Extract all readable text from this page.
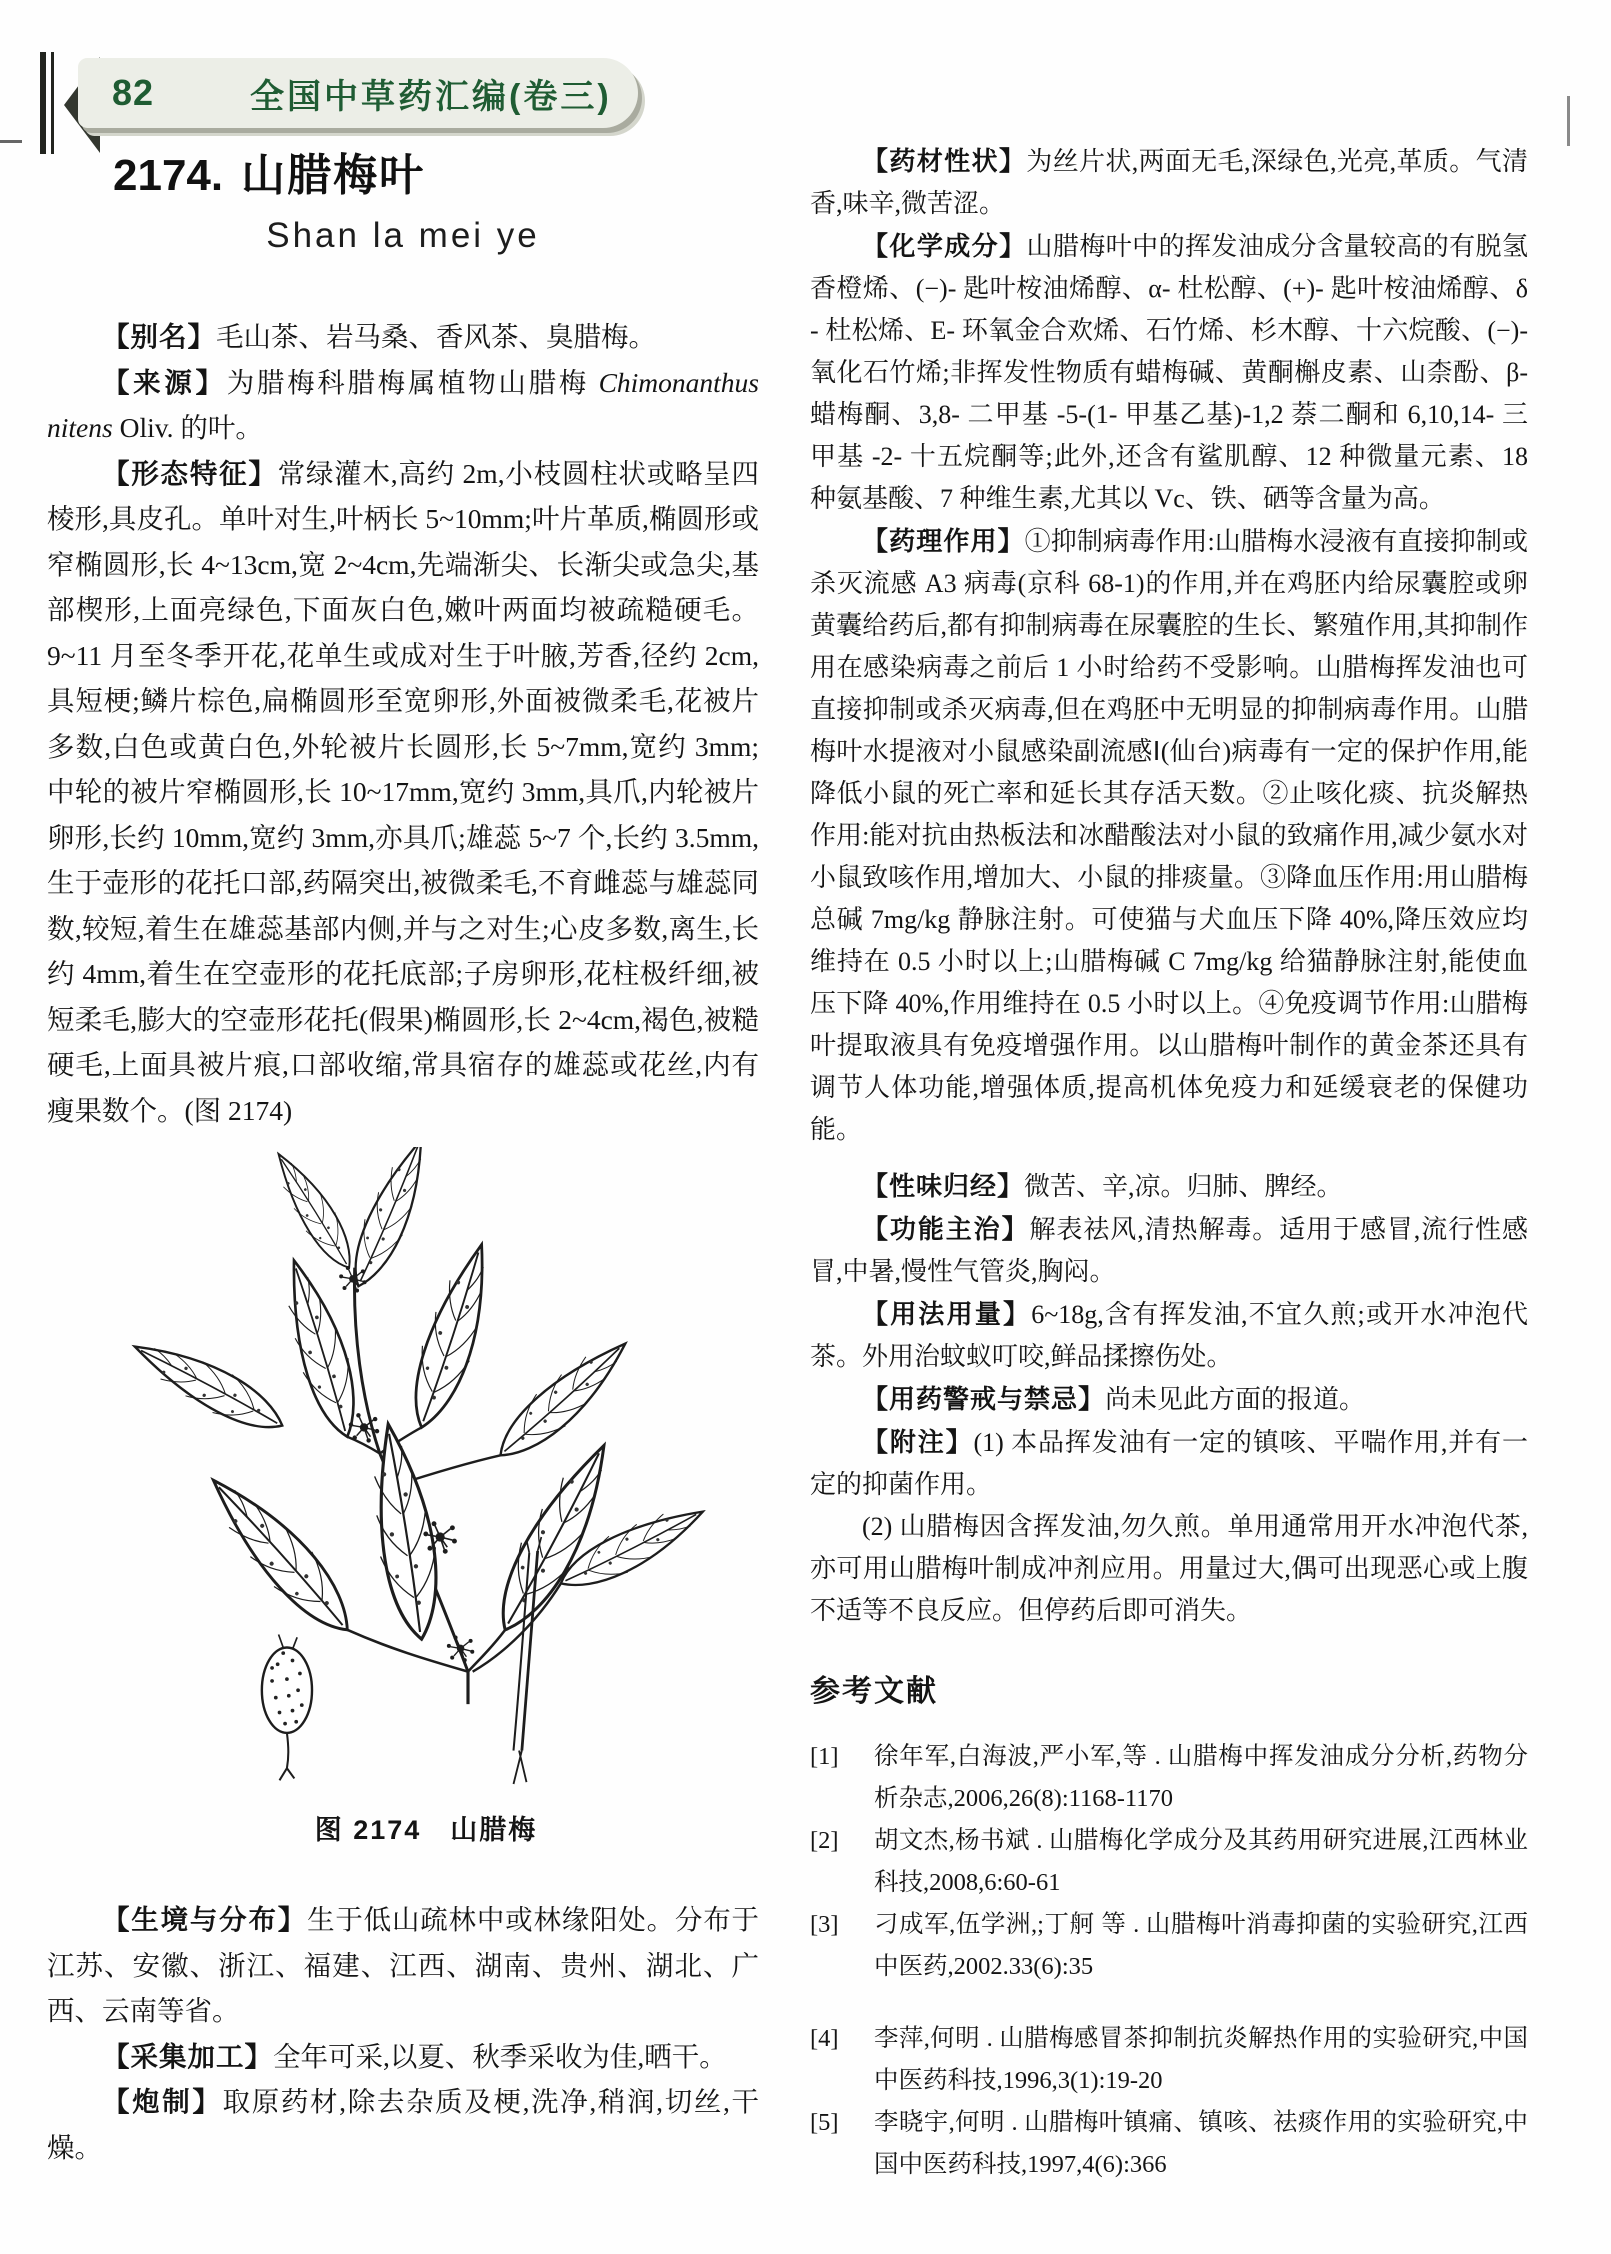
82	全国中草药汇编(卷三)
2174. 山腊梅叶
Shan la mei ye

【别名】毛山茶、岩马桑、香风茶、臭腊梅。

【来源】为腊梅科腊梅属植物山腊梅 Chimonanthus nitens Oliv. 的叶。

【形态特征】常绿灌木,高约 2m,小枝圆柱状或略呈四棱形,具皮孔。单叶对生,叶柄长 5~10mm;叶片革质,椭圆形或窄椭圆形,长 4~13cm,宽 2~4cm,先端渐尖、长渐尖或急尖,基部楔形,上面亮绿色,下面灰白色,嫩叶两面均被疏糙硬毛。9~11 月至冬季开花,花单生或成对生于叶腋,芳香,径约 2cm,具短梗;鳞片棕色,扁椭圆形至宽卵形,外面被微柔毛,花被片多数,白色或黄白色,外轮被片长圆形,长 5~7mm,宽约 3mm;中轮的被片窄椭圆形,长 10~17mm,宽约 3mm,具爪,内轮被片卵形,长约 10mm,宽约 3mm,亦具爪;雄蕊 5~7 个,长约 3.5mm,生于壶形的花托口部,药隔突出,被微柔毛,不育雌蕊与雄蕊同数,较短,着生在雄蕊基部内侧,并与之对生;心皮多数,离生,长约 4mm,着生在空壶形的花托底部;子房卵形,花柱极纤细,被短柔毛,膨大的空壶形花托(假果)椭圆形,长 2~4cm,褐色,被糙硬毛,上面具被片痕,口部收缩,常具宿存的雄蕊或花丝,内有瘦果数个。(图 2174)

图 2174　山腊梅

【生境与分布】生于低山疏林中或林缘阳处。分布于江苏、安徽、浙江、福建、江西、湖南、贵州、湖北、广西、云南等省。

【采集加工】全年可采,以夏、秋季采收为佳,晒干。

【炮制】取原药材,除去杂质及梗,洗净,稍润,切丝,干燥。

【药材性状】为丝片状,两面无毛,深绿色,光亮,革质。气清香,味辛,微苦涩。

【化学成分】山腊梅叶中的挥发油成分含量较高的有脱氢香橙烯、(−)- 匙叶桉油烯醇、α- 杜松醇、(+)- 匙叶桉油烯醇、δ - 杜松烯、E- 环氧金合欢烯、石竹烯、杉木醇、十六烷酸、(−)- 氧化石竹烯;非挥发性物质有蜡梅碱、黄酮槲皮素、山柰酚、β- 蜡梅酮、3,8- 二甲基 -5-(1- 甲基乙基)-1,2 萘二酮和 6,10,14- 三甲基 -2- 十五烷酮等;此外,还含有鲨肌醇、12 种微量元素、18 种氨基酸、7 种维生素,尤其以 Vc、铁、硒等含量为高。

【药理作用】①抑制病毒作用:山腊梅水浸液有直接抑制或杀灭流感 A3 病毒(京科 68-1)的作用,并在鸡胚内给尿囊腔或卵黄囊给药后,都有抑制病毒在尿囊腔的生长、繁殖作用,其抑制作用在感染病毒之前后 1 小时给药不受影响。山腊梅挥发油也可直接抑制或杀灭病毒,但在鸡胚中无明显的抑制病毒作用。山腊梅叶水提液对小鼠感染副流感Ⅰ(仙台)病毒有一定的保护作用,能降低小鼠的死亡率和延长其存活天数。②止咳化痰、抗炎解热作用:能对抗由热板法和冰醋酸法对小鼠的致痛作用,减少氨水对小鼠致咳作用,增加大、小鼠的排痰量。③降血压作用:用山腊梅总碱 7mg/kg 静脉注射。可使猫与犬血压下降 40%,降压效应均维持在 0.5 小时以上;山腊梅碱 C 7mg/kg 给猫静脉注射,能使血压下降 40%,作用维持在 0.5 小时以上。④免疫调节作用:山腊梅叶提取液具有免疫增强作用。以山腊梅叶制作的黄金茶还具有调节人体功能,增强体质,提高机体免疫力和延缓衰老的保健功能。

【性味归经】微苦、辛,凉。归肺、脾经。

【功能主治】解表祛风,清热解毒。适用于感冒,流行性感冒,中暑,慢性气管炎,胸闷。

【用法用量】6~18g,含有挥发油,不宜久煎;或开水冲泡代茶。外用治蚊蚁叮咬,鲜品揉擦伤处。

【用药警戒与禁忌】尚未见此方面的报道。

【附注】(1) 本品挥发油有一定的镇咳、平喘作用,并有一定的抑菌作用。

(2) 山腊梅因含挥发油,勿久煎。单用通常用开水冲泡代茶,亦可用山腊梅叶制成冲剂应用。用量过大,偶可出现恶心或上腹不适等不良反应。但停药后即可消失。

参考文献
[1]	徐年军,白海波,严小军,等 . 山腊梅中挥发油成分分析,药物分析杂志,2006,26(8):1168-1170
[2]	胡文杰,杨书斌 . 山腊梅化学成分及其药用研究进展,江西林业科技,2008,6:60-61
[3]	刁成军,伍学洲,;丁舸 等 . 山腊梅叶消毒抑菌的实验研究,江西中医药,2002.33(6):35
[4]	李萍,何明 . 山腊梅感冒茶抑制抗炎解热作用的实验研究,中国中医药科技,1996,3(1):19-20
[5]	李晓宇,何明 . 山腊梅叶镇痛、镇咳、祛痰作用的实验研究,中国中医药科技,1997,4(6):366
